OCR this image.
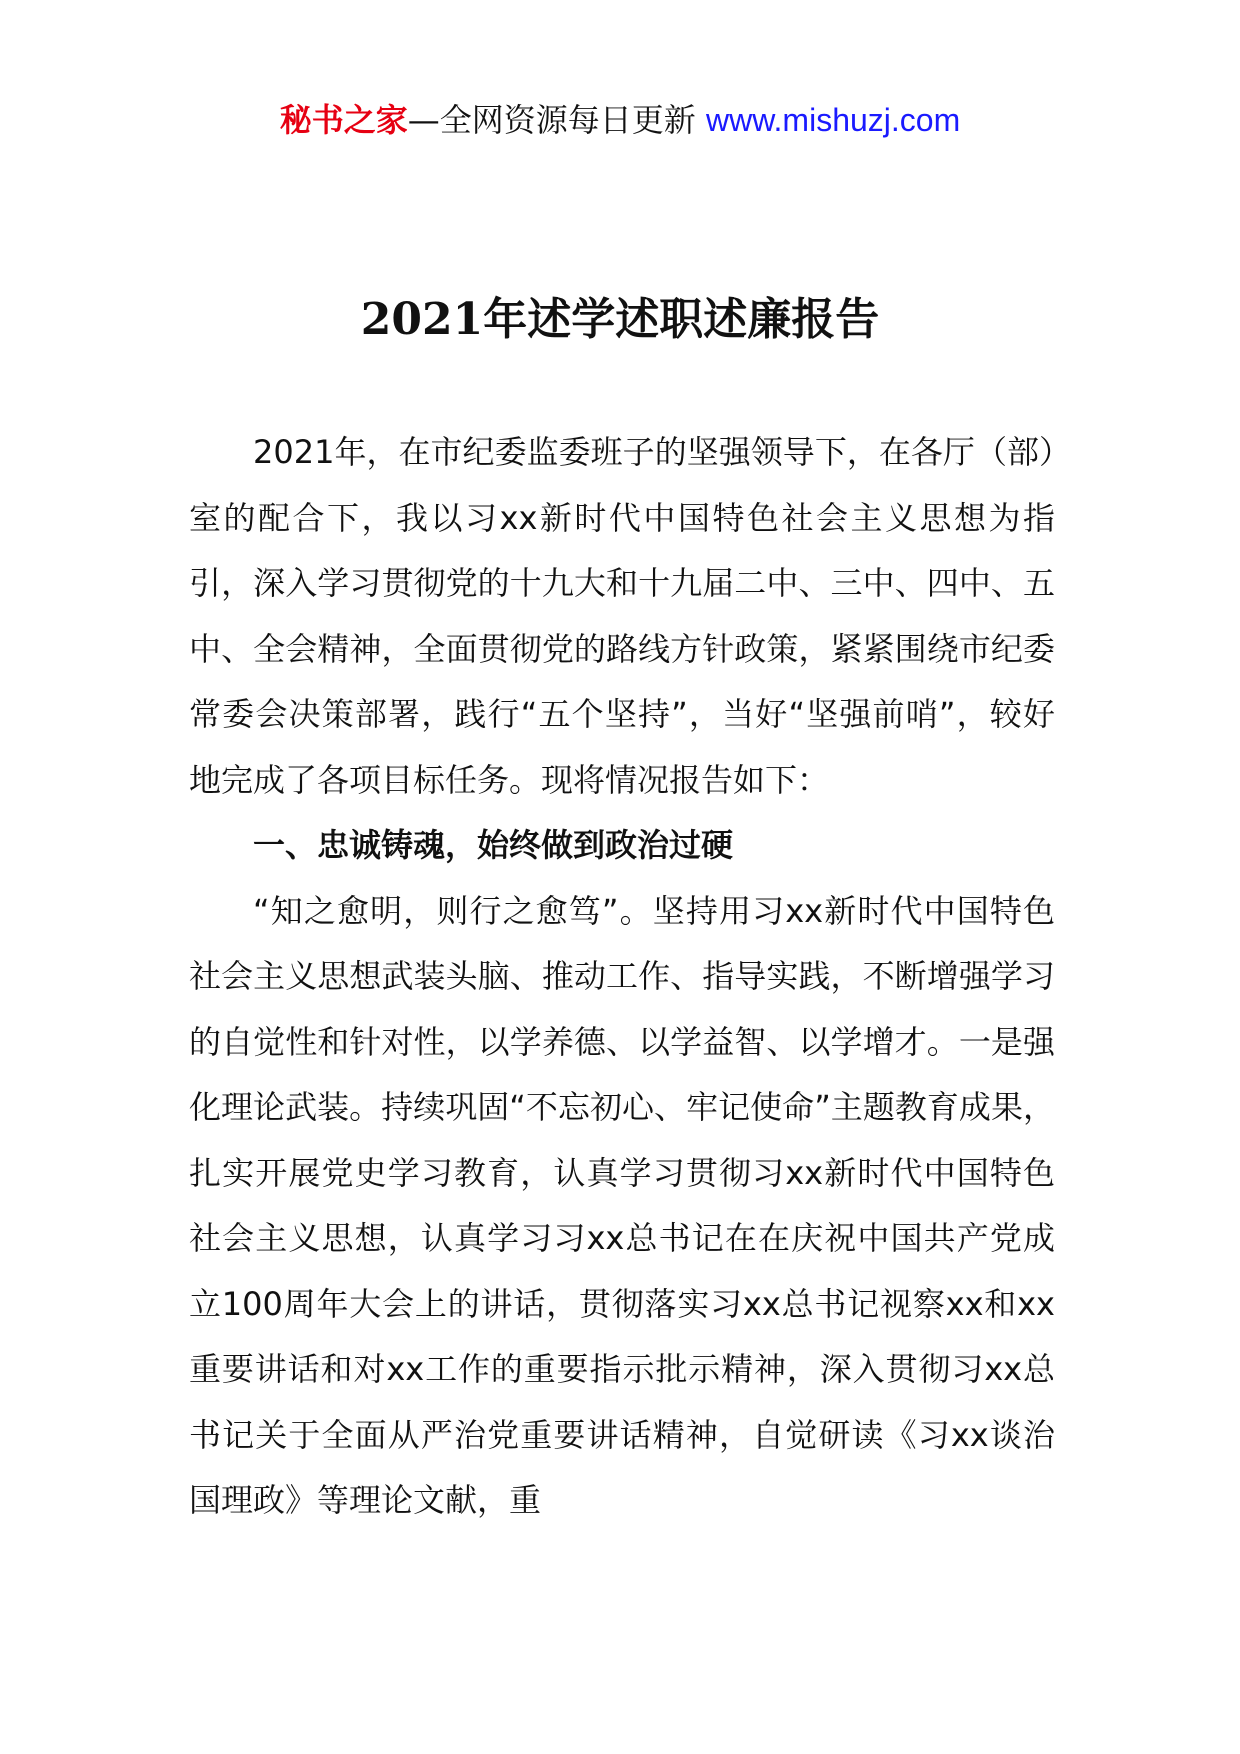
秘书之家—全网资源每日更新 www.mishuzj.com
2021年述学述职述廉报告

2021年，在市纪委监委班子的坚强领导下，在各厅（部）室的配合下，我以习xx新时代中国特色社会主义思想为指引，深入学习贯彻党的十九大和十九届二中、三中、四中、五中、全会精神，全面贯彻党的路线方针政策，紧紧围绕市纪委常委会决策部署，践行“五个坚持”，当好“坚强前哨”，较好地完成了各项目标任务。现将情况报告如下：

一、忠诚铸魂，始终做到政治过硬

“知之愈明，则行之愈笃”。坚持用习xx新时代中国特色社会主义思想武装头脑、推动工作、指导实践，不断增强学习的自觉性和针对性，以学养德、以学益智、以学增才。一是强化理论武装。持续巩固“不忘初心、牢记使命”主题教育成果，扎实开展党史学习教育，认真学习贯彻习xx新时代中国特色社会主义思想，认真学习习xx总书记在在庆祝中国共产党成立100周年大会上的讲话，贯彻落实习xx总书记视察xx和xx重要讲话和对xx工作的重要指示批示精神，深入贯彻习xx总书记关于全面从严治党重要讲话精神，自觉研读《习xx谈治国理政》等理论文献，重
